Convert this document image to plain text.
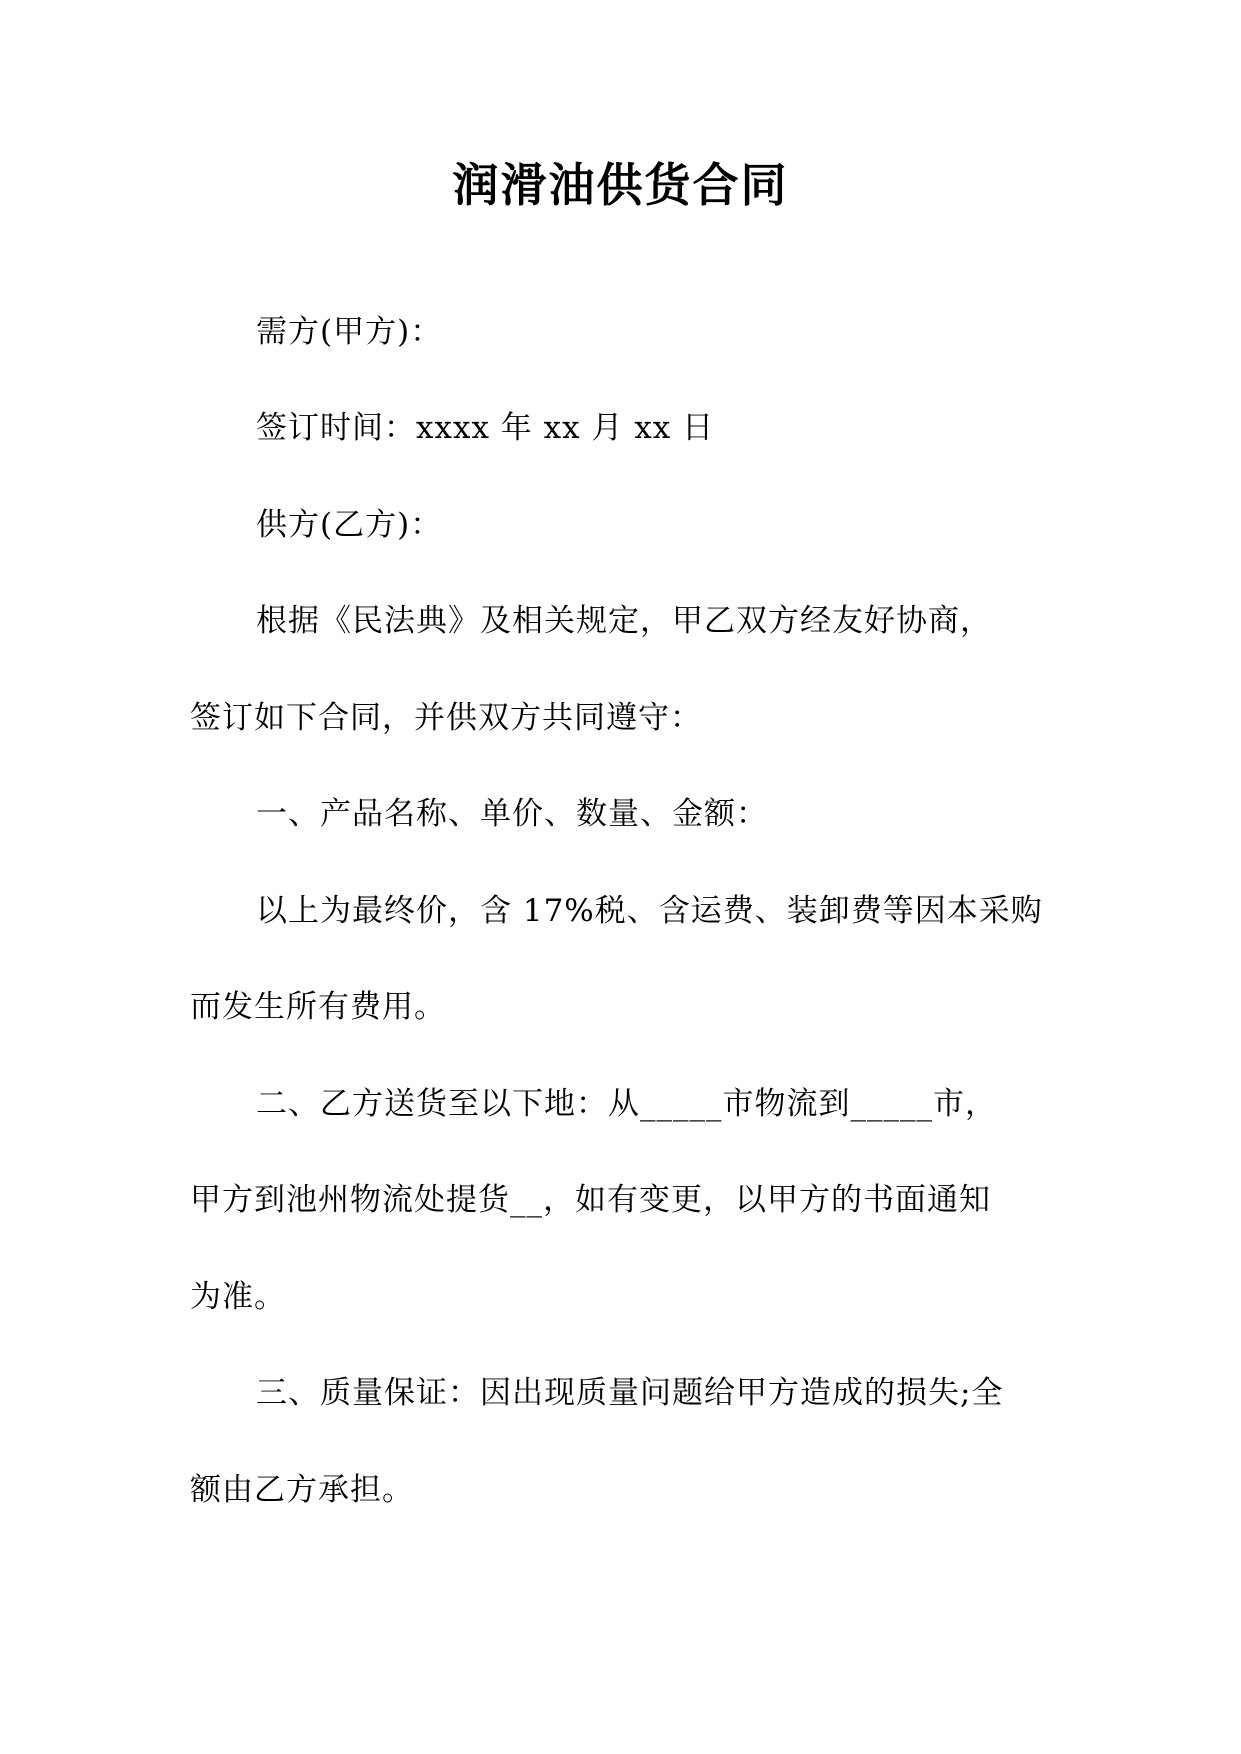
润滑油供货合同
需方(甲方)：
签订时间：xxxx 年 xx 月 xx 日
供方(乙方)：
根据《民法典》及相关规定，甲乙双方经友好协商，
签订如下合同，并供双方共同遵守：
一、产品名称、单价、数量、金额：
以上为最终价，含 17%税、含运费、装卸费等因本采购
而发生所有费用。
二、乙方送货至以下地：从_____市物流到_____市，
甲方到池州物流处提货__，如有变更，以甲方的书面通知
为准。
三、质量保证：因出现质量问题给甲方造成的损失;全
额由乙方承担。
